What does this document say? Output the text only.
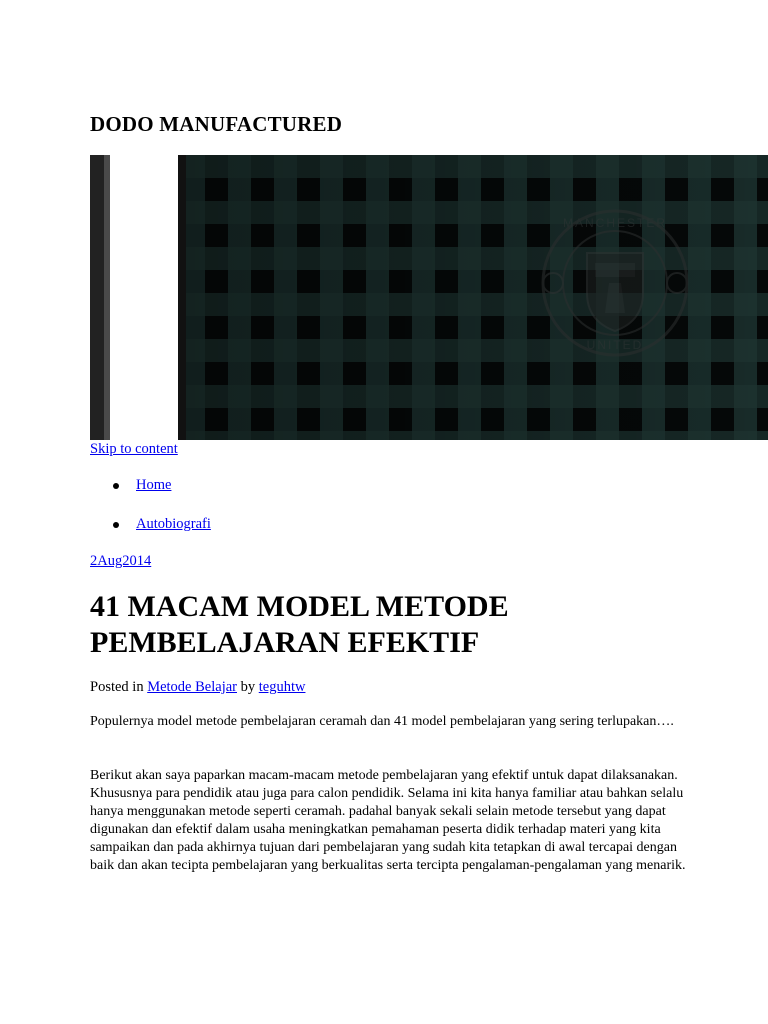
DODO MANUFACTURED
MANCHESTER
UNITED
Skip to content
Home
Autobiografi
2Aug2014
41 MACAM MODEL METODE PEMBELAJARAN EFEKTIF
Posted in Metode Belajar by teguhtw

Populernya model metode pembelajaran ceramah dan 41 model pembelajaran yang sering terlupakan….

Berikut akan saya paparkan macam-macam metode pembelajaran yang efektif untuk dapat dilaksanakan. Khususnya para pendidik atau juga para calon pendidik. Selama ini kita hanya familiar atau bahkan selalu hanya menggunakan metode seperti ceramah. padahal banyak sekali selain metode tersebut yang dapat digunakan dan efektif dalam usaha meningkatkan pemahaman peserta didik terhadap materi yang kita sampaikan dan pada akhirnya tujuan dari pembelajaran yang sudah kita tetapkan di awal tercapai dengan baik dan akan tecipta pembelajaran yang berkualitas serta tercipta pengalaman-pengalaman yang menarik.
